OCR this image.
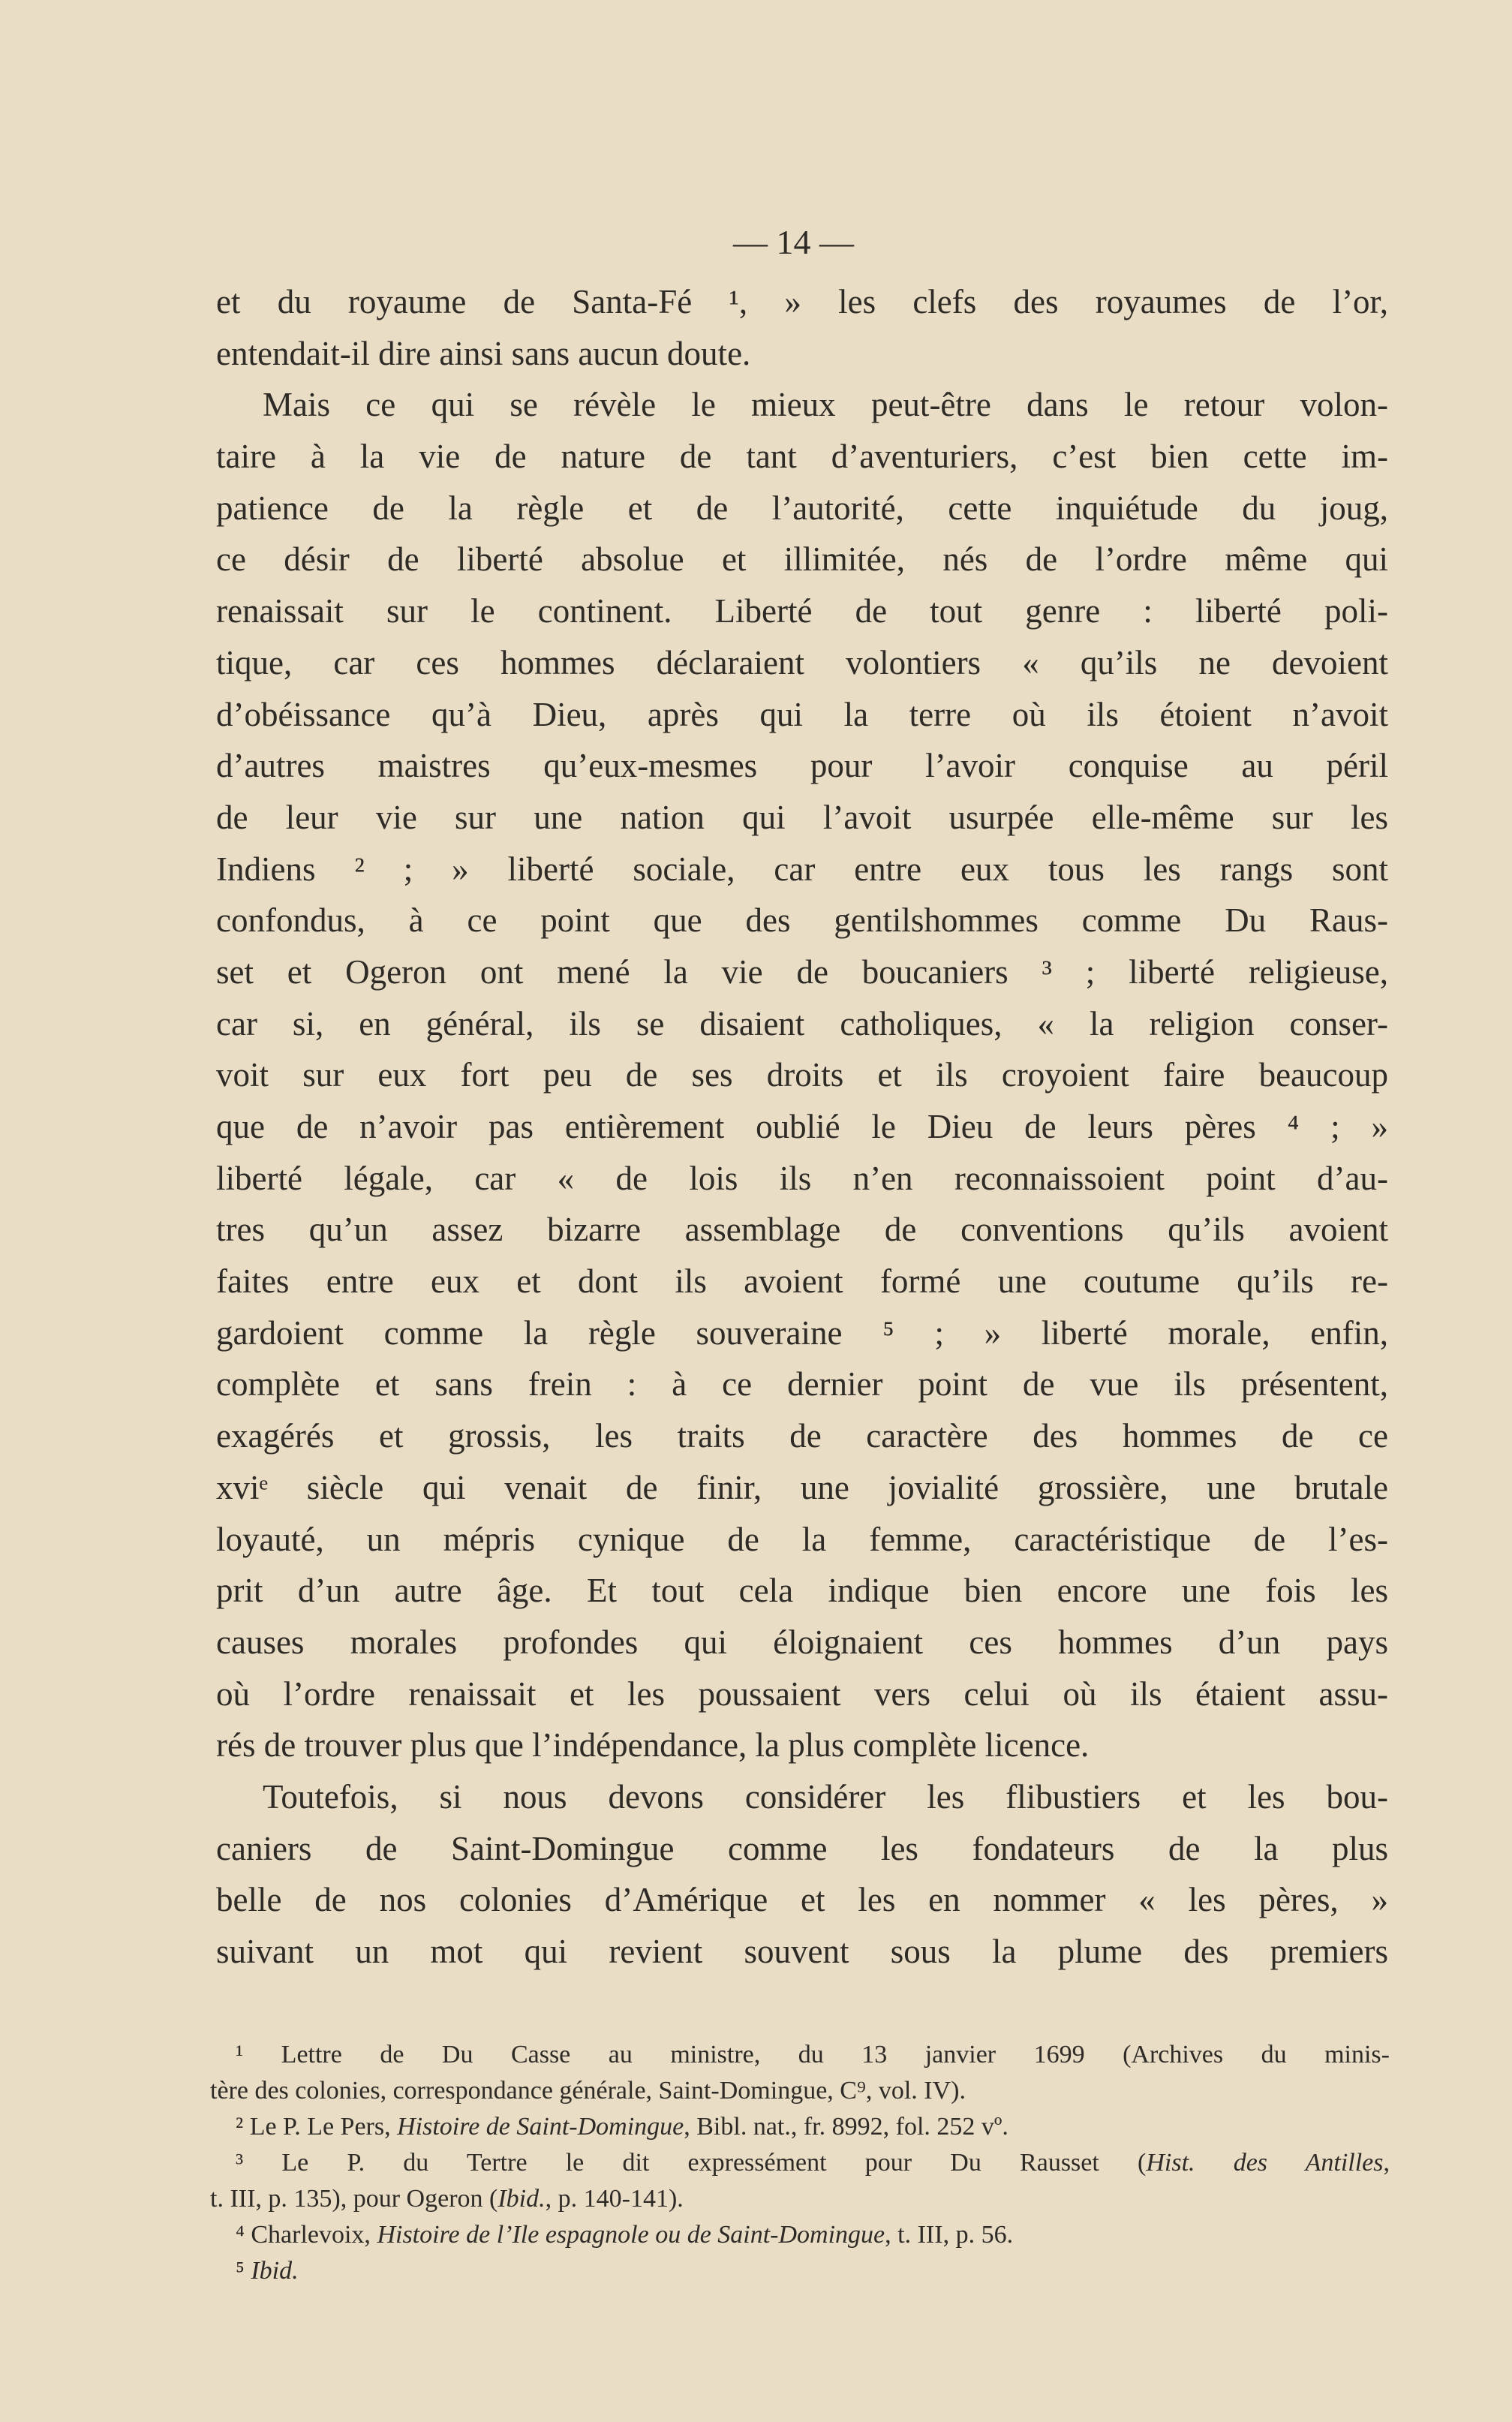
— 14 —
et du royaume de Santa-Fé ¹, » les clefs des royaumes de l’or,
entendait-il dire ainsi sans aucun doute.
Mais ce qui se révèle le mieux peut-être dans le retour volon-
taire à la vie de nature de tant d’aventuriers, c’est bien cette im-
patience de la règle et de l’autorité, cette inquiétude du joug,
ce désir de liberté absolue et illimitée, nés de l’ordre même qui
renaissait sur le continent. Liberté de tout genre : liberté poli-
tique, car ces hommes déclaraient volontiers « qu’ils ne devoient
d’obéissance qu’à Dieu, après qui la terre où ils étoient n’avoit
d’autres maistres qu’eux-mesmes pour l’avoir conquise au péril
de leur vie sur une nation qui l’avoit usurpée elle-même sur les
Indiens ² ; » liberté sociale, car entre eux tous les rangs sont
confondus, à ce point que des gentilshommes comme Du Raus-
set et Ogeron ont mené la vie de boucaniers ³ ; liberté religieuse,
car si, en général, ils se disaient catholiques, « la religion conser-
voit sur eux fort peu de ses droits et ils croyoient faire beaucoup
que de n’avoir pas entièrement oublié le Dieu de leurs pères ⁴ ; »
liberté légale, car « de lois ils n’en reconnaissoient point d’au-
tres qu’un assez bizarre assemblage de conventions qu’ils avoient
faites entre eux et dont ils avoient formé une coutume qu’ils re-
gardoient comme la règle souveraine ⁵ ; » liberté morale, enfin,
complète et sans frein : à ce dernier point de vue ils présentent,
exagérés et grossis, les traits de caractère des hommes de ce
xviᵉ siècle qui venait de finir, une jovialité grossière, une brutale
loyauté, un mépris cynique de la femme, caractéristique de l’es-
prit d’un autre âge. Et tout cela indique bien encore une fois les
causes morales profondes qui éloignaient ces hommes d’un pays
où l’ordre renaissait et les poussaient vers celui où ils étaient assu-
rés de trouver plus que l’indépendance, la plus complète licence.
Toutefois, si nous devons considérer les flibustiers et les bou-
caniers de Saint-Domingue comme les fondateurs de la plus
belle de nos colonies d’Amérique et les en nommer « les pères, »
suivant un mot qui revient souvent sous la plume des premiers
¹ Lettre de Du Casse au ministre, du 13 janvier 1699 (Archives du minis-
tère des colonies, correspondance générale, Saint-Domingue, C⁹, vol. IV).
² Le P. Le Pers, Histoire de Saint-Domingue, Bibl. nat., fr. 8992, fol. 252 vº.
³ Le P. du Tertre le dit expressément pour Du Rausset (Hist. des Antilles,
t. III, p. 135), pour Ogeron (Ibid., p. 140-141).
⁴ Charlevoix, Histoire de l’Ile espagnole ou de Saint-Domingue, t. III, p. 56.
⁵ Ibid.
